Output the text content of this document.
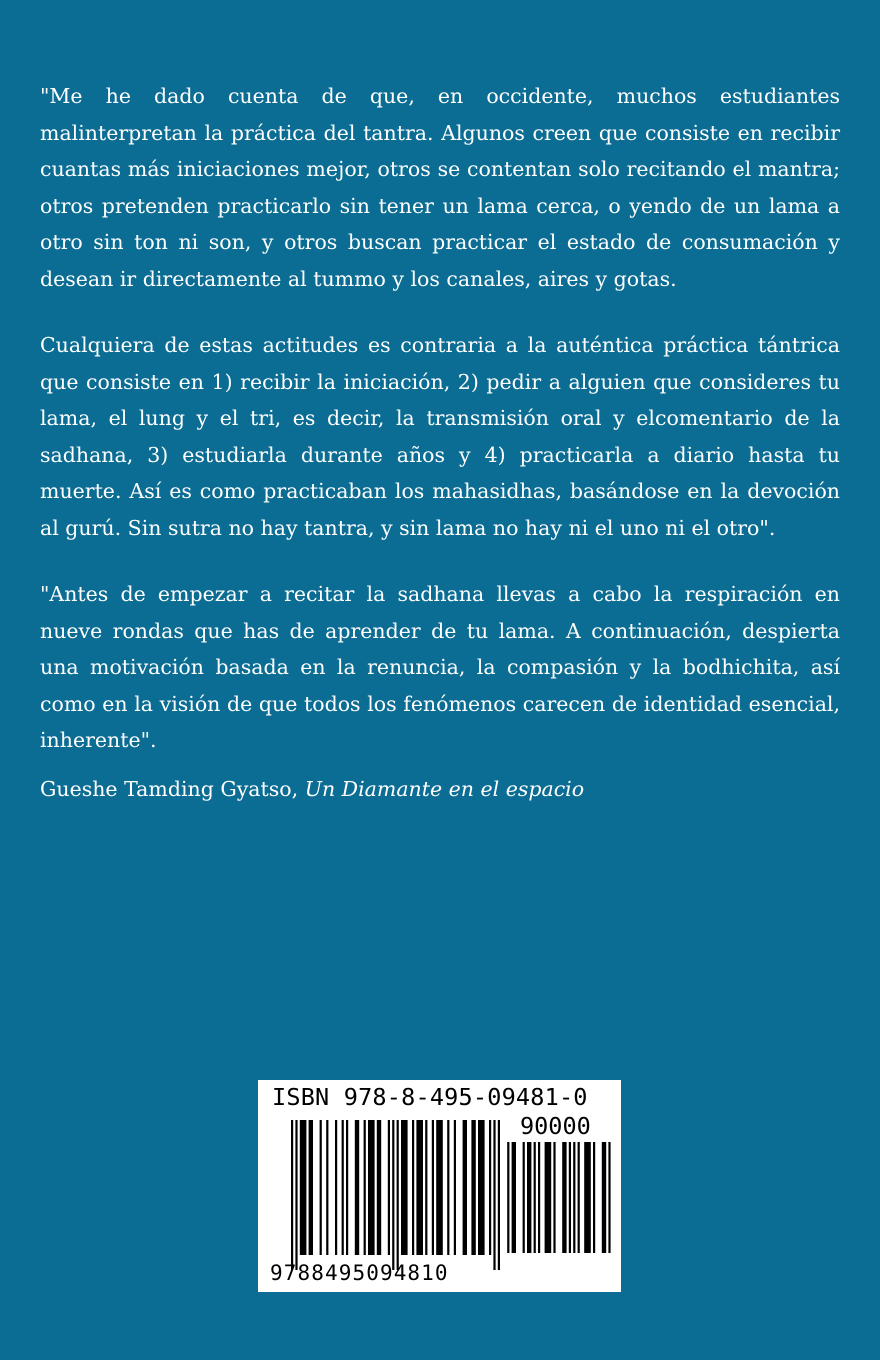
"Me he dado cuenta de que, en occidente, muchos estudiantes malinterpretan la práctica del tantra. Algunos creen que consiste en recibir cuantas más iniciaciones mejor, otros se contentan solo recitando el mantra; otros pretenden practicarlo sin tener un lama cerca, o yendo de un lama a otro sin ton ni son, y otros buscan practicar el estado de consumación y desean ir directamente al tummo y los canales, aires y gotas.

Cualquiera de estas actitudes es contraria a la auténtica práctica tántrica que consiste en 1) recibir la iniciación, 2) pedir a alguien que consideres tu lama, el lung y el tri, es decir, la transmisión oral y elcomentario de la sadhana, 3) estudiarla durante años y 4) practicarla a diario hasta tu muerte. Así es como practicaban los mahasidhas, basándose en la devoción al gurú. Sin sutra no hay tantra, y sin lama no hay ni el uno ni el otro".

"Antes de empezar a recitar la sadhana llevas a cabo la respiración en nueve rondas que has de aprender de tu lama. A continuación, despierta una motivación basada en la renuncia, la compasión y la bodhichita, así como en la visión de que todos los fenómenos carecen de identidad esencial, inherente".

Gueshe Tamding Gyatso, Un Diamante en el espacio

ISBN 978-8-495-09481-0
90000
9788495094810
